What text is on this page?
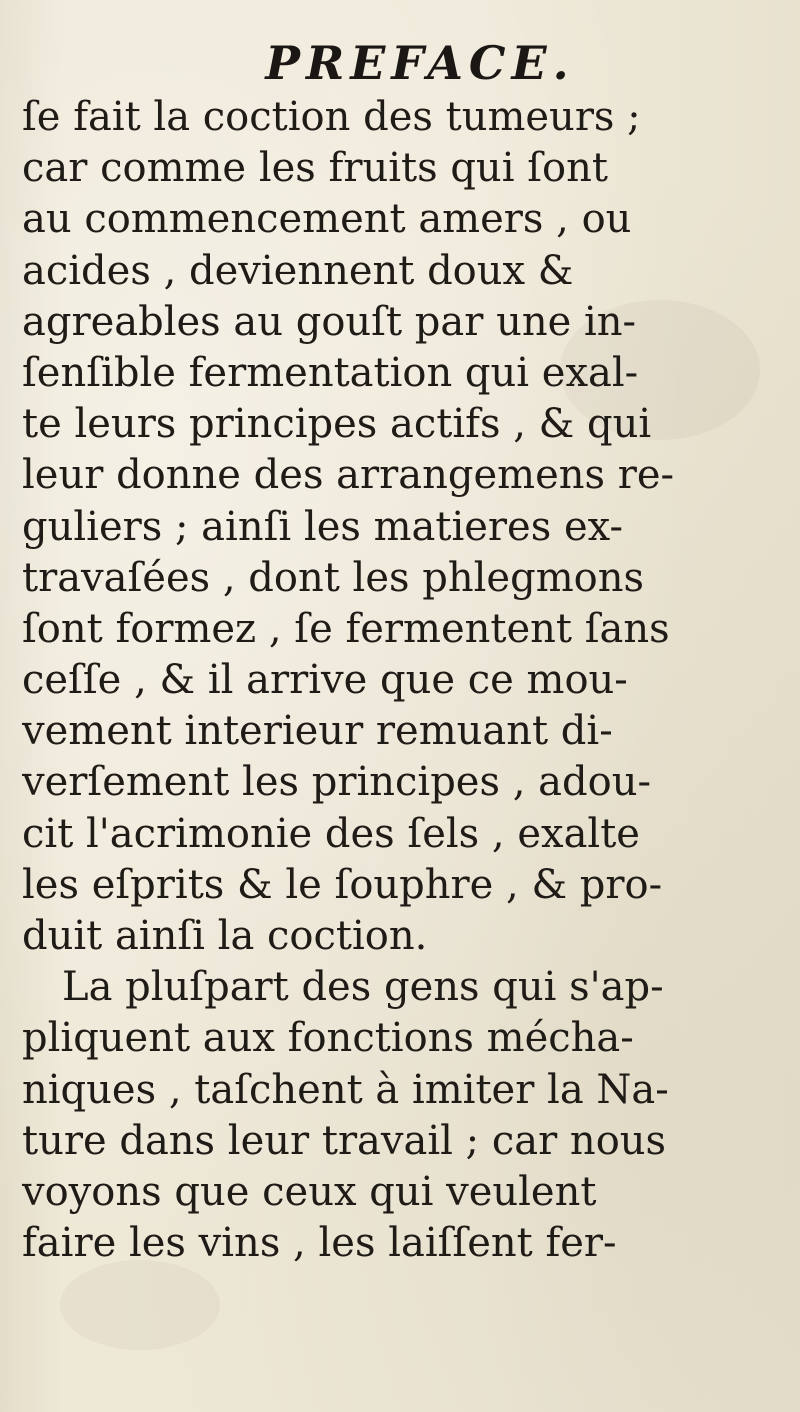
PREFACE.
ſe fait la coction des tumeurs ;
car comme les fruits qui ſont
au commencement amers , ou
acides , deviennent doux &
agreables au gouſt par une in-
ſenſible fermentation qui exal-
te leurs principes actifs , & qui
leur donne des arrangemens re-
guliers ; ainſi les matieres ex-
travaſées , dont les phlegmons
ſont formez , ſe fermentent ſans
ceſſe , & il arrive que ce mou-
vement interieur remuant di-
verſement les principes , adou-
cit l'acrimonie des ſels , exalte
les eſprits & le ſouphre , & pro-
duit ainſi la coction.
La pluſpart des gens qui s'ap-
pliquent aux fonctions mécha-
niques , taſchent à imiter la Na-
ture dans leur travail ; car nous
voyons que ceux qui veulent
faire les vins , les laiſſent fer-
